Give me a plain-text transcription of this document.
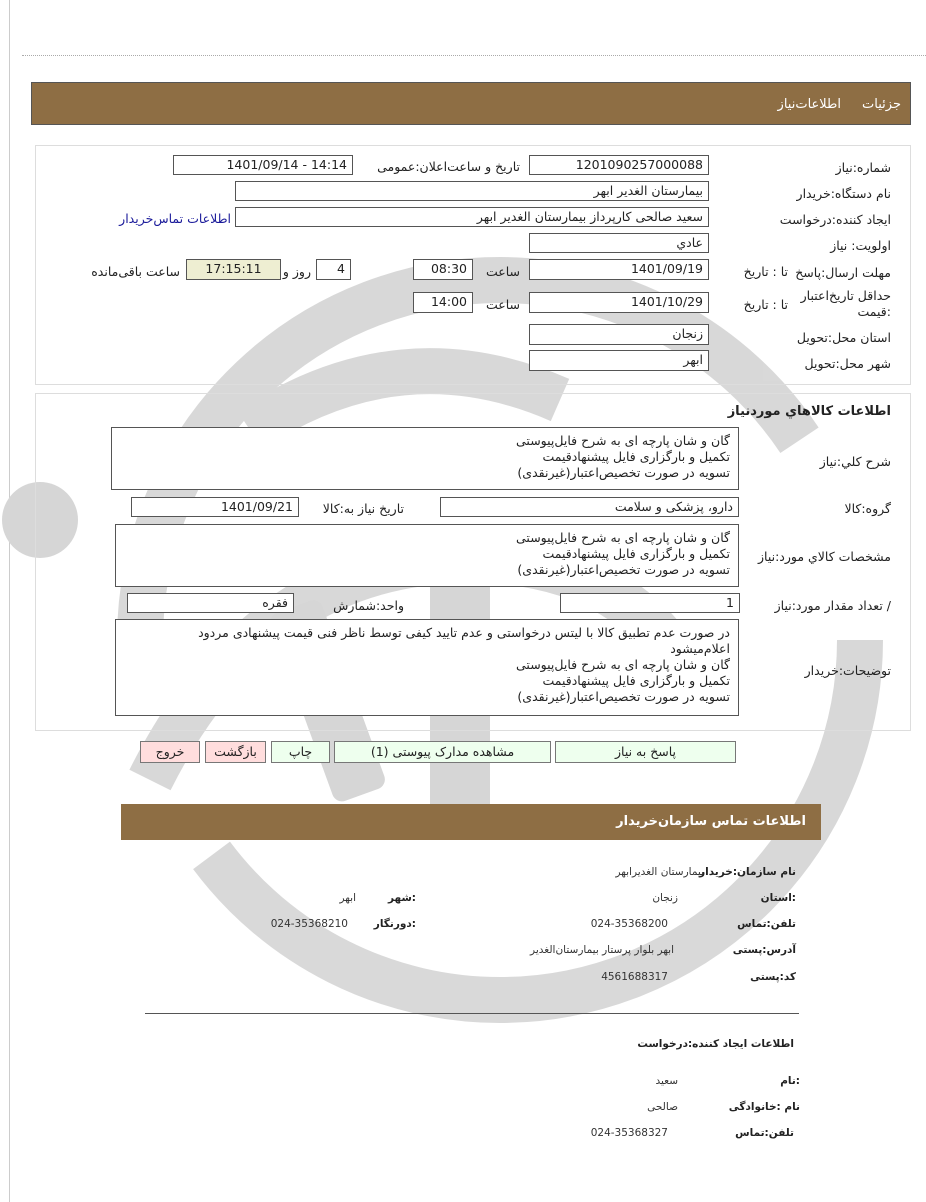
جزئیات
اطلاعات‌نیاز
شماره:نیاز
1201090257000088
تاریخ و ساعت‌اعلان:عمومی
1401/09/14 - 14:14
نام دستگاه:خریدار
بیمارستان الغدیر ابهر
ایجاد کننده:درخواست
سعید صالحی کارپرداز بیمارستان الغدیر ابهر
اطلاعات تماس‌خریدار
اولویت: نیاز
عادي
مهلت ارسال:پاسخ
تا : تاریخ
1401/09/19
ساعت
08:30
4
روز و
17:15:11
ساعت باقی‌مانده
حداقل تاریخ‌اعتبار
:قیمت
تا : تاریخ
1401/10/29
ساعت
14:00
استان محل:تحویل
زنجان
شهر محل:تحویل
ابهر
اطلاعات کالاهاي مورد‌نیاز
شرح کلي:نیاز
گان و شان پارچه ای به شرح فایل‌پیوستی
تکمیل و بارگزاری فایل پیشنهادقیمت
تسویه در صورت تخصیص‌اعتبار(غیرنقدی)
گروه:کالا
دارو، پزشکی و سلامت
تاریخ نیاز به:کالا
1401/09/21
مشخصات کالاي مورد:نیاز
گان و شان پارچه ای به شرح فایل‌پیوستی
تکمیل و بارگزاری فایل پیشنهادقیمت
تسویه در صورت تخصیص‌اعتبار(غیرنقدی)
/ تعداد مقدار مورد:نیاز
1
واحد:شمارش
فقره
توضیحات:خریدار
در صورت عدم تطبیق کالا با لیتس درخواستی و عدم تایید کیفی توسط ناظر فنی قیمت پیشنهادی مردود
اعلام‌میشود
گان و شان پارچه ای به شرح فایل‌پیوستی
تکمیل و بارگزاری فایل پیشنهادقیمت
تسویه در صورت تخصیص‌اعتبار(غیرنقدی)
پاسخ به نیاز
مشاهده مدارک پیوستی (1)
چاپ
بازگشت
خروج
اطلاعات تماس سازمان‌خریدار
نام سازمان:خریدار
بیمارستان الغدیرابهر
:استان
زنجان
:شهر
ابهر
تلفن:تماس
024-35368200
:دورنگار
024-35368210
آدرس:پستی
ابهر بلوار پرستار بیمارستان‌الغدیر
کد:پستی
4561688317
اطلاعات ایجاد کننده:درخواست
:نام
سعید
نام :خانوادگی
صالحی
تلفن:تماس
024-35368327
